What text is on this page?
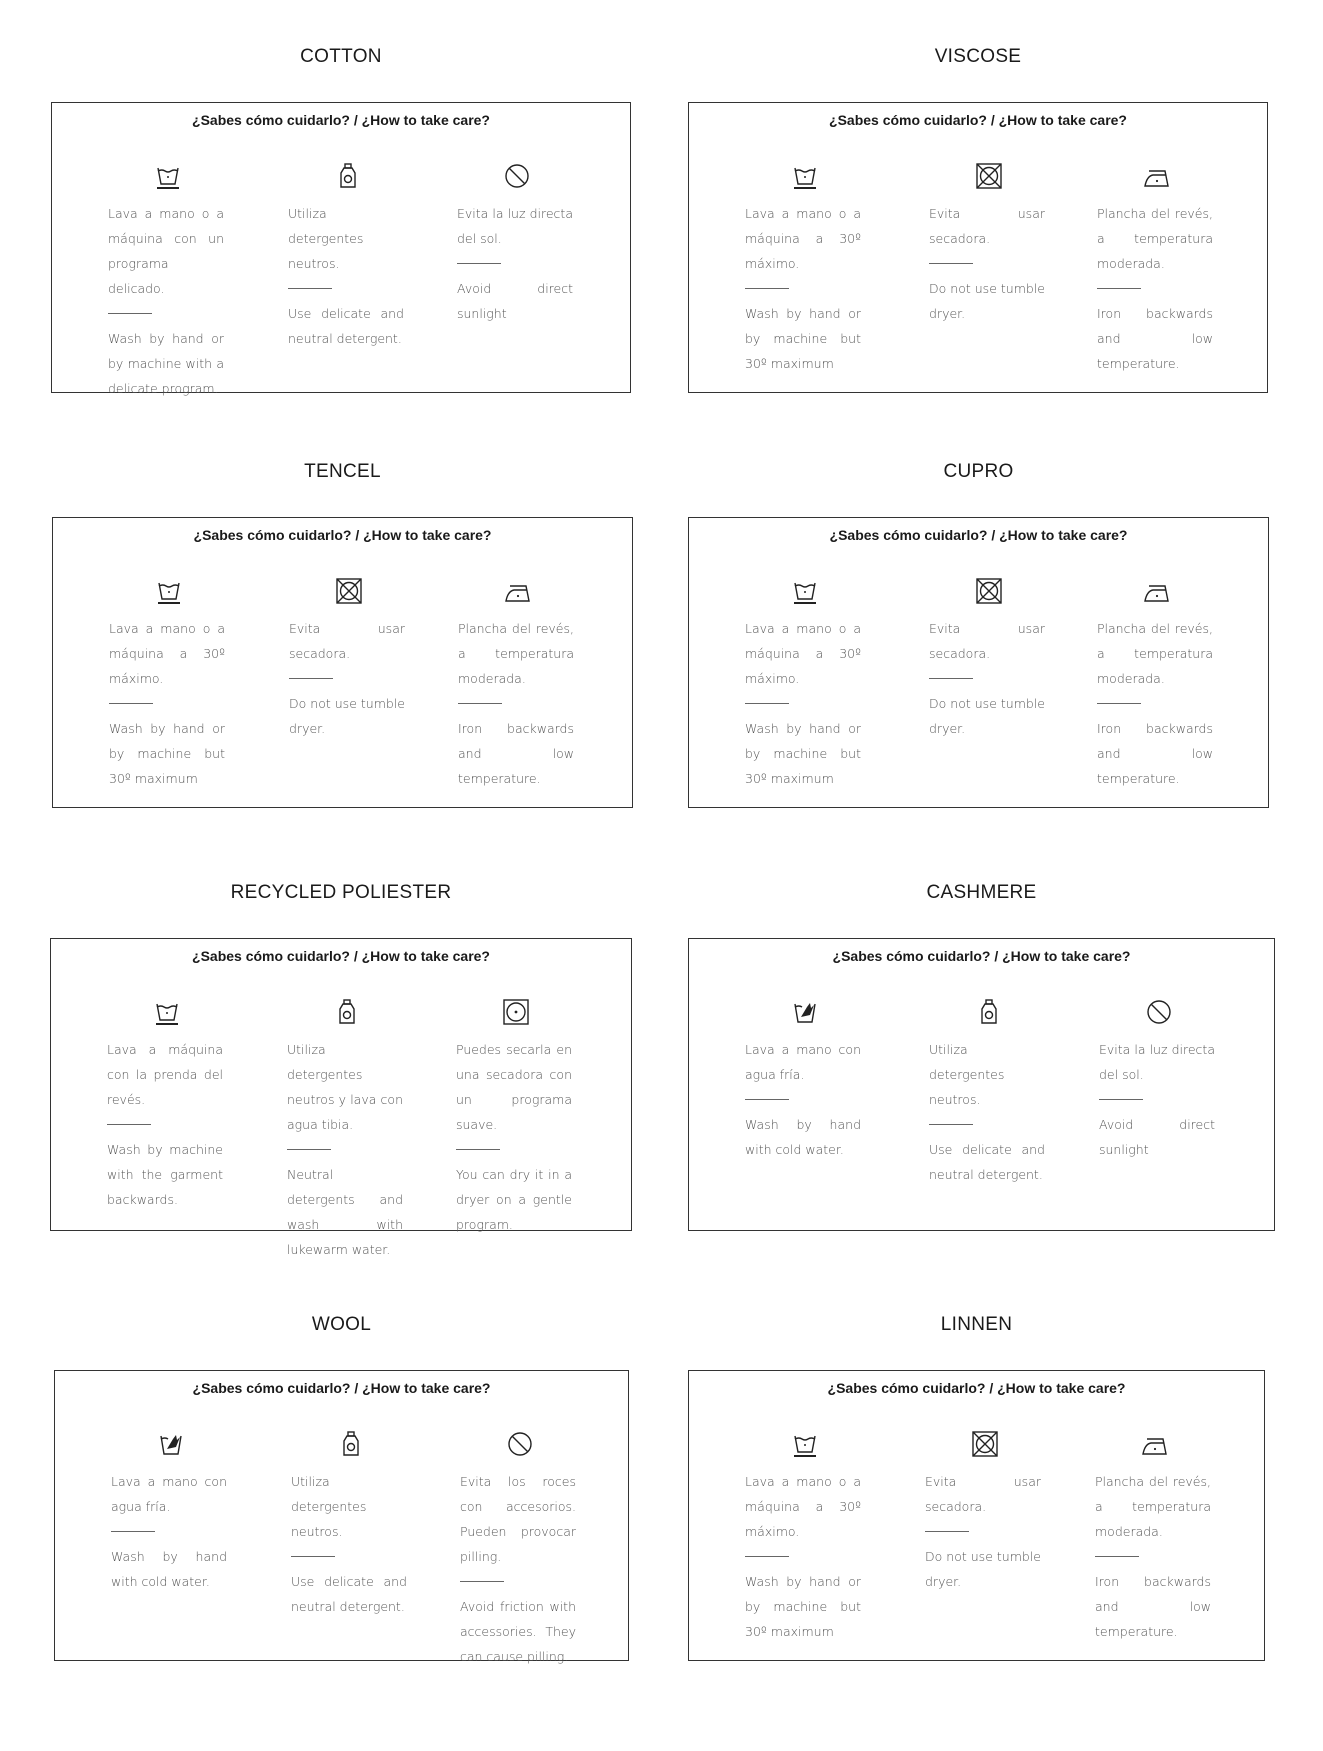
COTTON
¿Sabes cómo cuidarlo? / ¿How to take care?
Lava a mano o a máquina con un programa delicado.
Wash by hand or by machine with a delicate program.
Utiliza detergentes neutros.
Use delicate and neutral detergent.
Evita la luz directa del sol.
Avoid direct sunlight
VISCOSE
¿Sabes cómo cuidarlo? / ¿How to take care?
Lava a mano o a máquina a 30º máximo.
Wash by hand or by machine but 30º maximum
Evita usar secadora.
Do not use tumble dryer.
Plancha del revés, a temperatura moderada.
Iron backwards and low temperature.
TENCEL
¿Sabes cómo cuidarlo? / ¿How to take care?
Lava a mano o a máquina a 30º máximo.
Wash by hand or by machine but 30º maximum
Evita usar secadora.
Do not use tumble dryer.
Plancha del revés, a temperatura moderada.
Iron backwards and low temperature.
CUPRO
¿Sabes cómo cuidarlo? / ¿How to take care?
Lava a mano o a máquina a 30º máximo.
Wash by hand or by machine but 30º maximum
Evita usar secadora.
Do not use tumble dryer.
Plancha del revés, a temperatura moderada.
Iron backwards and low temperature.
RECYCLED POLIESTER
¿Sabes cómo cuidarlo? / ¿How to take care?
Lava a máquina con la prenda del revés.
Wash by machine with the garment backwards.
Utiliza detergentes neutros y lava con agua tibia.
Neutral detergents and wash with lukewarm water.
Puedes secarla en una secadora con un programa suave.
You can dry it in a dryer on a gentle program.
CASHMERE
¿Sabes cómo cuidarlo? / ¿How to take care?
Lava a mano con agua fría.
Wash by hand with cold water.
Utiliza detergentes neutros.
Use delicate and neutral detergent.
Evita la luz directa del sol.
Avoid direct sunlight
WOOL
¿Sabes cómo cuidarlo? / ¿How to take care?
Lava a mano con agua fría.
Wash by hand with cold water.
Utiliza detergentes neutros.
Use delicate and neutral detergent.
Evita los roces con accesorios. Pueden provocar pilling.
Avoid friction with accessories. They can cause pilling.
LINNEN
¿Sabes cómo cuidarlo? / ¿How to take care?
Lava a mano o a máquina a 30º máximo.
Wash by hand or by machine but 30º maximum
Evita usar secadora.
Do not use tumble dryer.
Plancha del revés, a temperatura moderada.
Iron backwards and low temperature.
